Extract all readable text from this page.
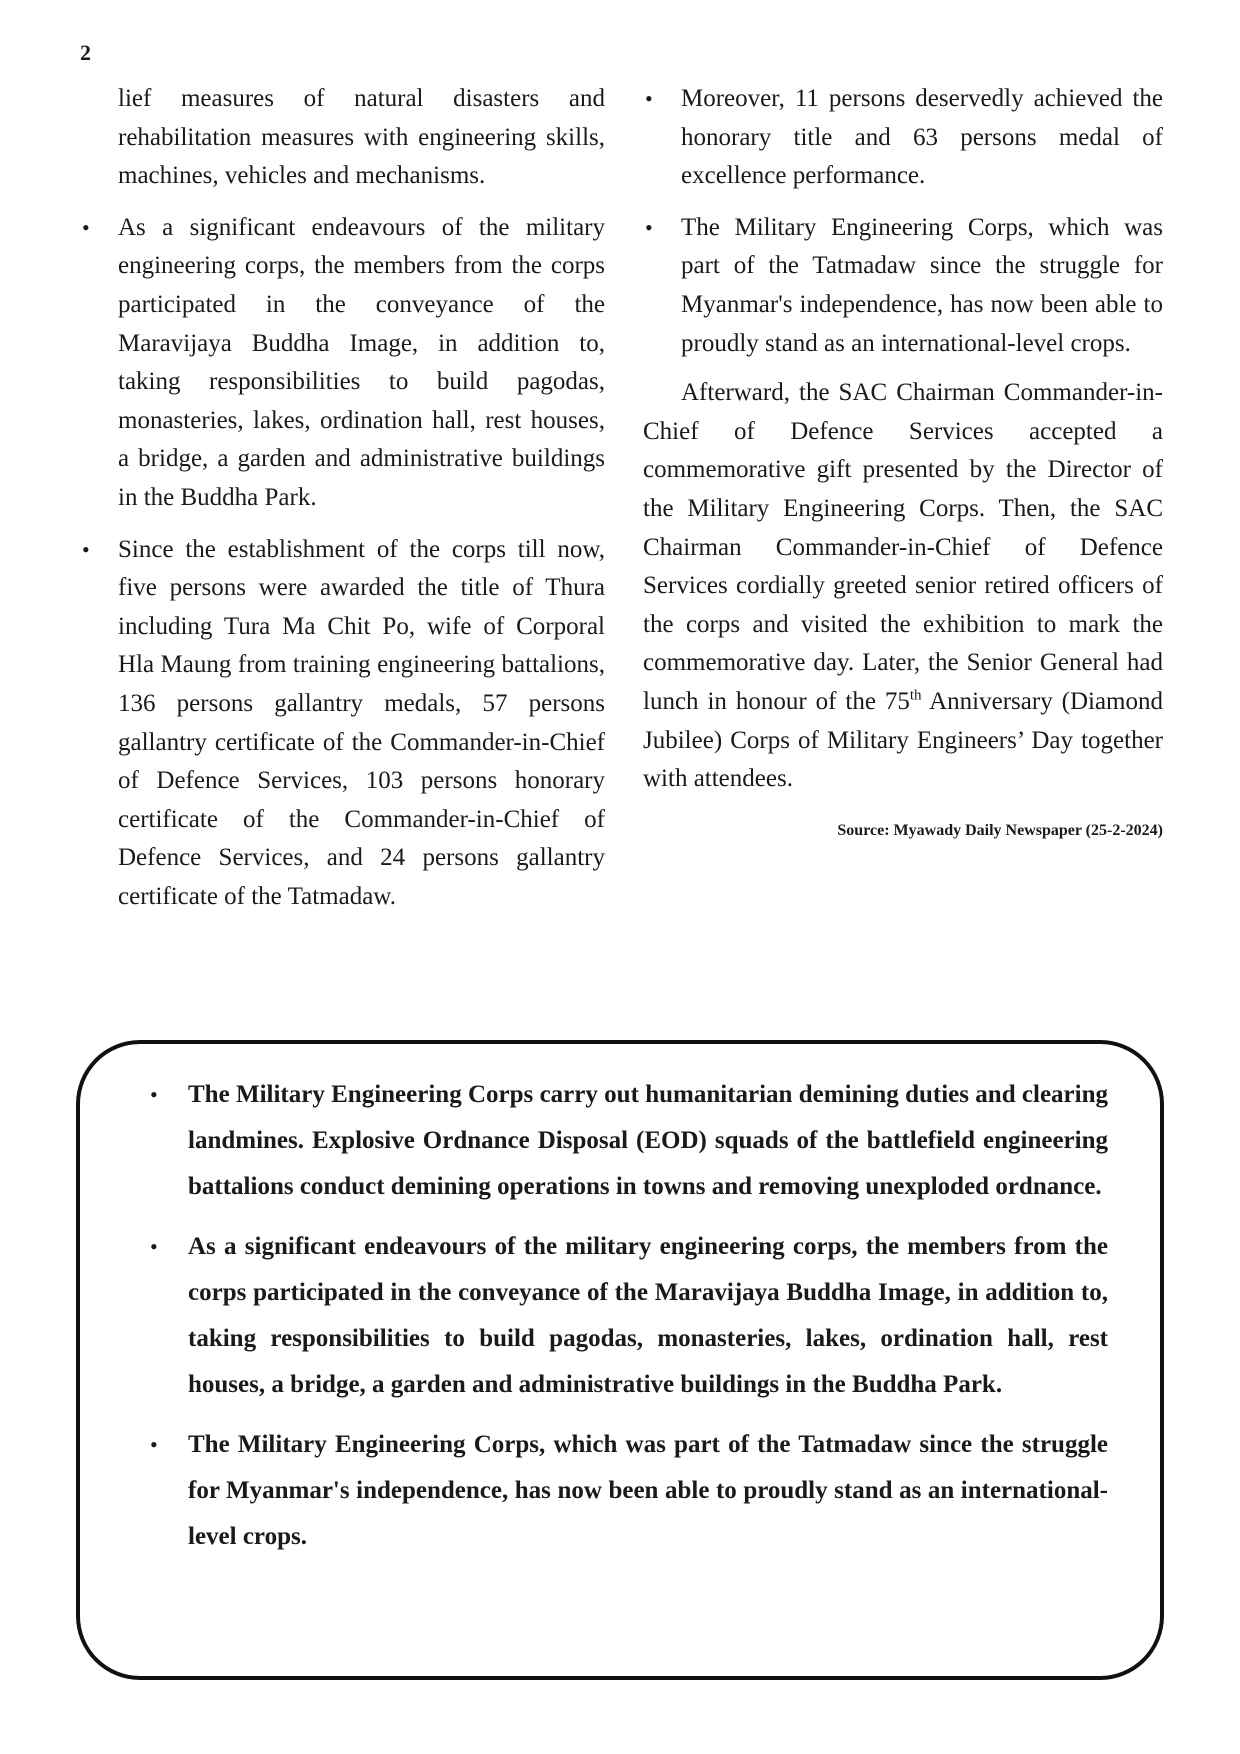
2

lief measures of natural disasters and rehabilitation measures with engineering skills, machines, vehicles and mechanisms.

• As a significant endeavours of the military engineering corps, the members from the corps participated in the conveyance of the Maravijaya Buddha Image, in addition to, taking responsibilities to build pagodas, monasteries, lakes, ordination hall, rest houses, a bridge, a garden and administrative buildings in the Buddha Park.
• Since the establishment of the corps till now, five persons were awarded the title of Thura including Tura Ma Chit Po, wife of Corporal Hla Maung from training engineering battalions, 136 persons gallantry medals, 57 persons gallantry certificate of the Commander-in-Chief of Defence Services, 103 persons honorary certificate of the Commander-in-Chief of Defence Services, and 24 persons gallantry certificate of the Tatmadaw.
• Moreover, 11 persons deservedly achieved the honorary title and 63 persons medal of excellence performance.
• The Military Engineering Corps, which was part of the Tatmadaw since the struggle for Myanmar's independence, has now been able to proudly stand as an international-level crops.

Afterward, the SAC Chairman Commander-in-Chief of Defence Services accepted a commemorative gift presented by the Director of the Military Engineering Corps. Then, the SAC Chairman Commander-in-Chief of Defence Services cordially greeted senior retired officers of the corps and visited the exhibition to mark the commemorative day. Later, the Senior General had lunch in honour of the 75th Anniversary (Diamond Jubilee) Corps of Military Engineers’ Day together with attendees.

Source: Myawady Daily Newspaper (25-2-2024)
• The Military Engineering Corps carry out humanitarian demining duties and clearing landmines. Explosive Ordnance Disposal (EOD) squads of the battlefield engineering battalions conduct demining operations in towns and removing unexploded ordnance.
• As a significant endeavours of the military engineering corps, the members from the corps participated in the conveyance of the Maravijaya Buddha Image, in addition to, taking responsibilities to build pagodas, monasteries, lakes, ordination hall, rest houses, a bridge, a garden and administrative buildings in the Buddha Park.
• The Military Engineering Corps, which was part of the Tatmadaw since the struggle for Myanmar's independence, has now been able to proudly stand as an international-level crops.
